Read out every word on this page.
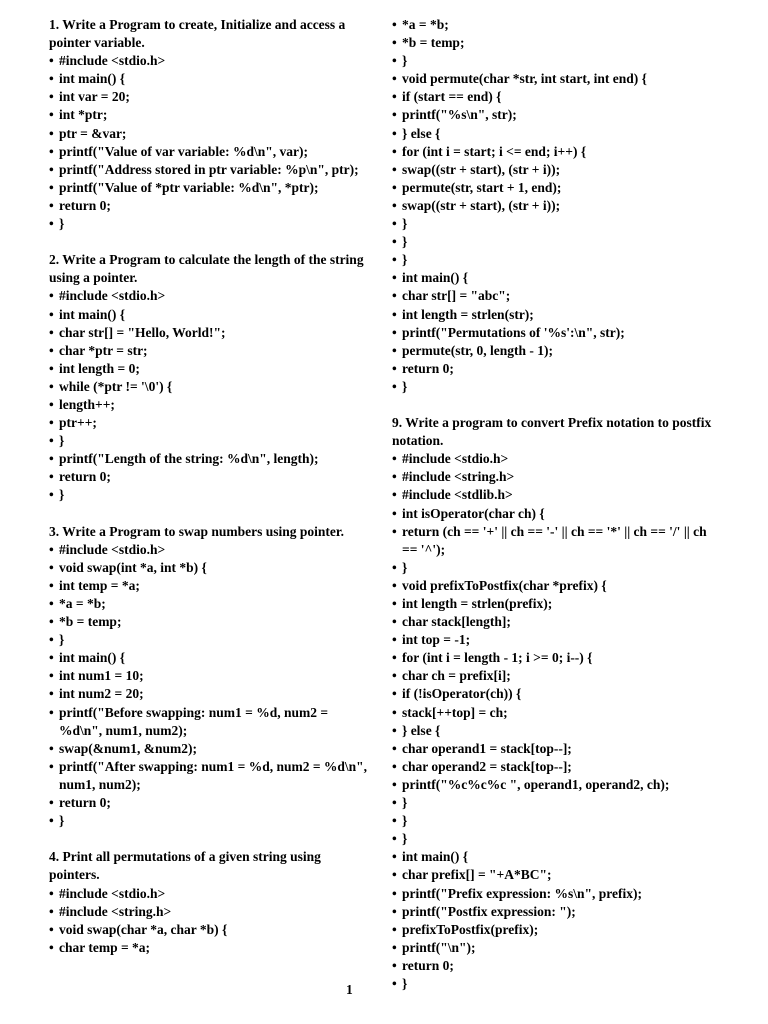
1. Write a Program to create, Initialize and access a pointer variable.
• #include <stdio.h>
• int main() {
• int var = 20;
• int *ptr;
• ptr = &var;
• printf("Value of var variable: %d\n", var);
• printf("Address stored in ptr variable: %p\n", ptr);
• printf("Value of *ptr variable: %d\n", *ptr);
• return 0;
• }
2. Write a Program to calculate the length of the string using a pointer.
• #include <stdio.h>
• int main() {
• char str[] = "Hello, World!";
• char *ptr = str;
• int length = 0;
• while (*ptr != '\0') {
• length++;
• ptr++;
• }
• printf("Length of the string: %d\n", length);
• return 0;
• }
3. Write a Program to swap numbers using pointer.
• #include <stdio.h>
• void swap(int *a, int *b) {
• int temp = *a;
• *a = *b;
• *b = temp;
• }
• int main() {
• int num1 = 10;
• int num2 = 20;
• printf("Before swapping: num1 = %d, num2 = %d\n", num1, num2);
• swap(&num1, &num2);
• printf("After swapping: num1 = %d, num2 = %d\n", num1, num2);
• return 0;
• }
4. Print all permutations of a given string using pointers.
• #include <stdio.h>
• #include <string.h>
• void swap(char *a, char *b) {
• char temp = *a;
• *a = *b;
• *b = temp;
• }
• void permute(char *str, int start, int end) {
• if (start == end) {
• printf("%s\n", str);
• } else {
• for (int i = start; i <= end; i++) {
• swap((str + start), (str + i));
• permute(str, start + 1, end);
• swap((str + start), (str + i));
• }
• }
• }
• int main() {
• char str[] = "abc";
• int length = strlen(str);
• printf("Permutations of '%s':\n", str);
• permute(str, 0, length - 1);
• return 0;
• }
9. Write a program to convert Prefix notation to postfix notation.
• #include <stdio.h>
• #include <string.h>
• #include <stdlib.h>
• int isOperator(char ch) {
• return (ch == '+' || ch == '-' || ch == '*' || ch == '/' || ch == '^');
• }
• void prefixToPostfix(char *prefix) {
• int length = strlen(prefix);
• char stack[length];
• int top = -1;
• for (int i = length - 1; i >= 0; i--) {
• char ch = prefix[i];
• if (!isOperator(ch)) {
• stack[++top] = ch;
• } else {
• char operand1 = stack[top--];
• char operand2 = stack[top--];
• printf("%c%c%c ", operand1, operand2, ch);
• }
• }
• }
• int main() {
• char prefix[] = "+A*BC";
• printf("Prefix expression: %s\n", prefix);
• printf("Postfix expression: ");
• prefixToPostfix(prefix);
• printf("\n");
• return 0;
• }
1
